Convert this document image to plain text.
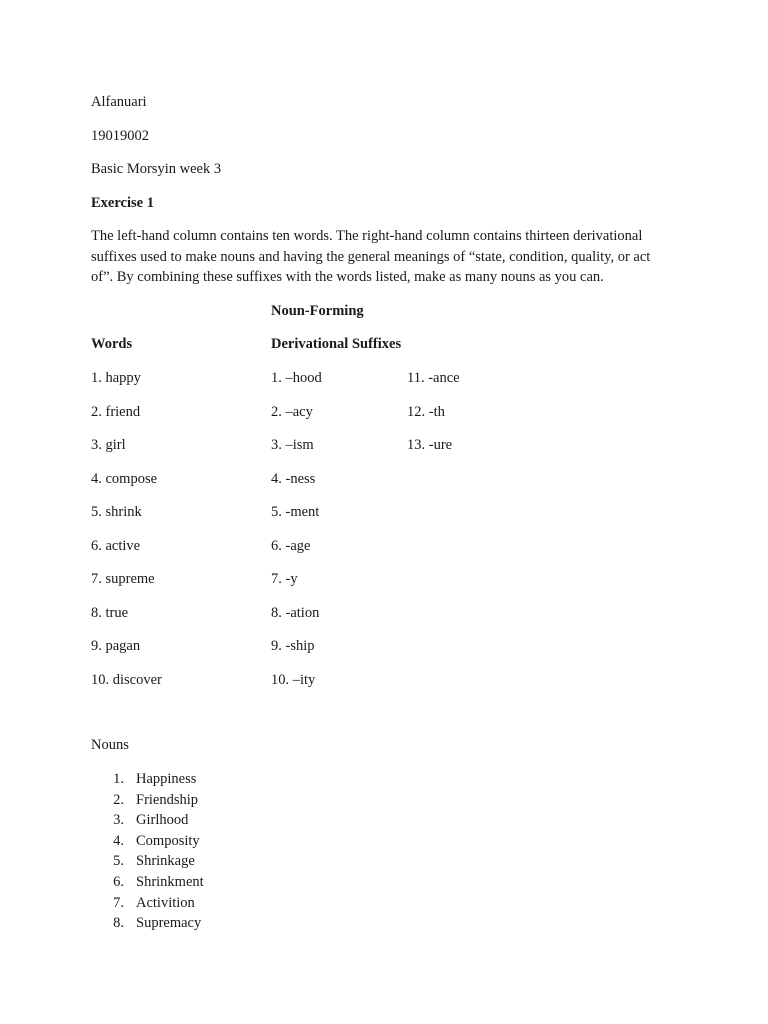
Alfanuari
19019002
Basic Morsyin week 3
Exercise 1
The left-hand column contains ten words. The right-hand column contains thirteen derivational
suffixes used to make nouns and having the general meanings of “state, condition, quality, or act
of”. By combining these suffixes with the words listed, make as many nouns as you can.
Noun-Forming
Words	Derivational Suffixes
1. happy
2. friend
3. girl
4. compose
5. shrink
6. active
7. supreme
8. true
9. pagan
10. discover
1. –hood
2. –acy
3. –ism
4. -ness
5. -ment
6. -age
7. -y
8. -ation
9. -ship
10. –ity
11. -ance
12. -th
13. -ure
Nouns
1. Happiness
2. Friendship
3. Girlhood
4. Composity
5. Shrinkage
6. Shrinkment
7. Activition
8. Supremacy
